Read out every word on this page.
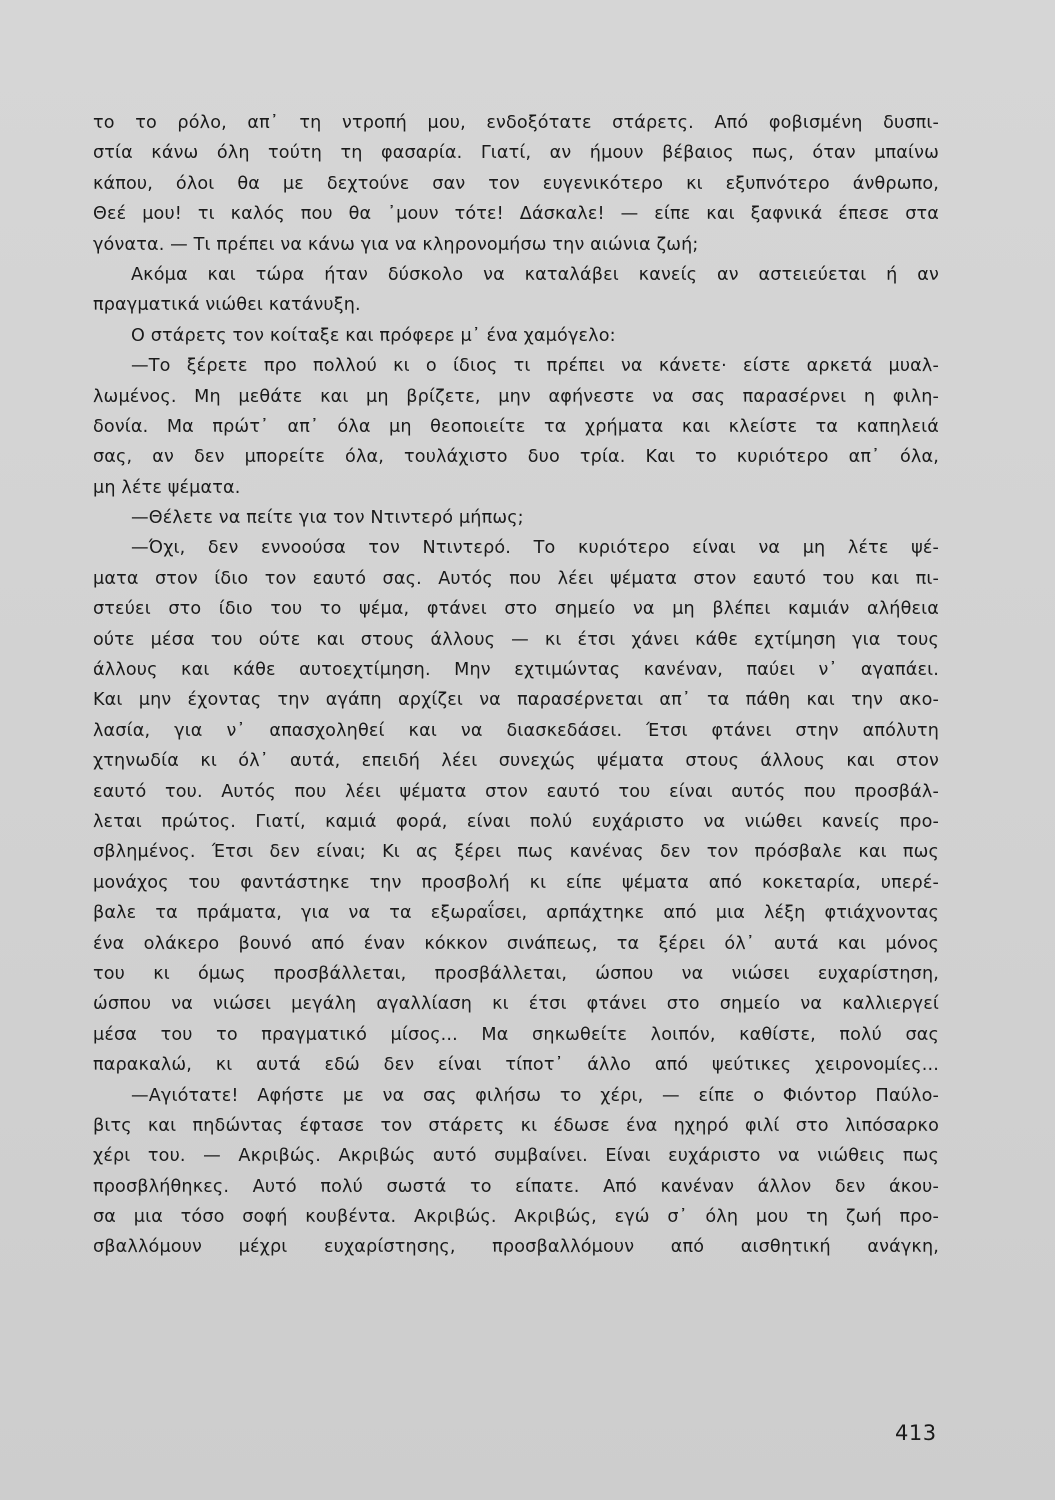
το το ρόλο, απ᾽ τη ντροπή μου, ενδοξότατε στάρετς. Από φοβισμένη δυσπι-
στία κάνω όλη τούτη τη φασαρία. Γιατί, αν ήμουν βέβαιος πως, όταν μπαίνω
κάπου, όλοι θα με δεχτούνε σαν τον ευγενικότερο κι εξυπνότερο άνθρωπο,
Θεέ μου! τι καλός που θα ᾽μουν τότε! Δάσκαλε! — είπε και ξαφνικά έπεσε στα
γόνατα. — Τι πρέπει να κάνω για να κληρονομήσω την αιώνια ζωή;
Ακόμα και τώρα ήταν δύσκολο να καταλάβει κανείς αν αστειεύεται ή αν
πραγματικά νιώθει κατάνυξη.
Ο στάρετς τον κοίταξε και πρόφερε μ᾽ ένα χαμόγελο:
—Το ξέρετε προ πολλού κι ο ίδιος τι πρέπει να κάνετε· είστε αρκετά μυαλ-
λωμένος. Μη μεθάτε και μη βρίζετε, μην αφήνεστε να σας παρασέρνει η φιλη-
δονία. Μα πρώτ᾽ απ᾽ όλα μη θεοποιείτε τα χρήματα και κλείστε τα καπηλειά
σας, αν δεν μπορείτε όλα, τουλάχιστο δυο τρία. Και το κυριότερο απ᾽ όλα,
μη λέτε ψέματα.
—Θέλετε να πείτε για τον Ντιντερό μήπως;
—Όχι, δεν εννοούσα τον Ντιντερό. Το κυριότερο είναι να μη λέτε ψέ-
ματα στον ίδιο τον εαυτό σας. Αυτός που λέει ψέματα στον εαυτό του και πι-
στεύει στο ίδιο του το ψέμα, φτάνει στο σημείο να μη βλέπει καμιάν αλήθεια
ούτε μέσα του ούτε και στους άλλους — κι έτσι χάνει κάθε εχτίμηση για τους
άλλους και κάθε αυτοεχτίμηση. Μην εχτιμώντας κανέναν, παύει ν᾽ αγαπάει.
Και μην έχοντας την αγάπη αρχίζει να παρασέρνεται απ᾽ τα πάθη και την ακο-
λασία, για ν᾽ απασχοληθεί και να διασκεδάσει. Έτσι φτάνει στην απόλυτη
χτηνωδία κι όλ᾽ αυτά, επειδή λέει συνεχώς ψέματα στους άλλους και στον
εαυτό του. Αυτός που λέει ψέματα στον εαυτό του είναι αυτός που προσβάλ-
λεται πρώτος. Γιατί, καμιά φορά, είναι πολύ ευχάριστο να νιώθει κανείς προ-
σβλημένος. Έτσι δεν είναι; Κι ας ξέρει πως κανένας δεν τον πρόσβαλε και πως
μονάχος του φαντάστηκε την προσβολή κι είπε ψέματα από κοκεταρία, υπερέ-
βαλε τα πράματα, για να τα εξωραΐσει, αρπάχτηκε από μια λέξη φτιάχνοντας
ένα ολάκερο βουνό από έναν κόκκον σινάπεως, τα ξέρει όλ᾽ αυτά και μόνος
του κι όμως προσβάλλεται, προσβάλλεται, ώσπου να νιώσει ευχαρίστηση,
ώσπου να νιώσει μεγάλη αγαλλίαση κι έτσι φτάνει στο σημείο να καλλιεργεί
μέσα του το πραγματικό μίσος... Μα σηκωθείτε λοιπόν, καθίστε, πολύ σας
παρακαλώ, κι αυτά εδώ δεν είναι τίποτ᾽ άλλο από ψεύτικες χειρονομίες...
—Αγιότατε! Αφήστε με να σας φιλήσω το χέρι, — είπε ο Φιόντορ Παύλο-
βιτς και πηδώντας έφτασε τον στάρετς κι έδωσε ένα ηχηρό φιλί στο λιπόσαρκο
χέρι του. — Ακριβώς. Ακριβώς αυτό συμβαίνει. Είναι ευχάριστο να νιώθεις πως
προσβλήθηκες. Αυτό πολύ σωστά το είπατε. Από κανέναν άλλον δεν άκου-
σα μια τόσο σοφή κουβέντα. Ακριβώς. Ακριβώς, εγώ σ᾽ όλη μου τη ζωή προ-
σβαλλόμουν μέχρι ευχαρίστησης, προσβαλλόμουν από αισθητική ανάγκη,
413
